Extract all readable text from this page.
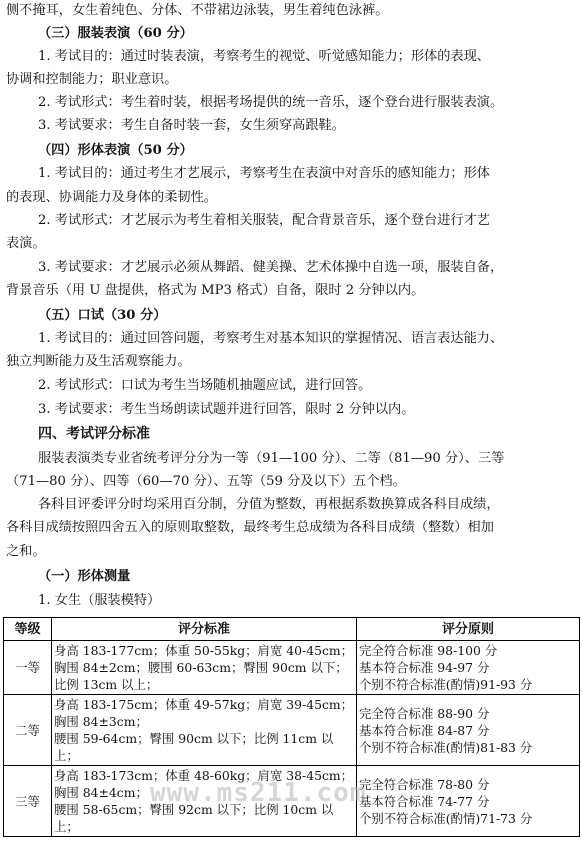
侧不掩耳，女生着纯色、分体、不带裙边泳装，男生着纯色泳裤。
（三）服装表演（60 分）
1. 考试目的：通过时装表演，考察考生的视觉、听觉感知能力；形体的表现、
协调和控制能力；职业意识。
2. 考试形式：考生着时装，根据考场提供的统一音乐，逐个登台进行服装表演。
3. 考试要求：考生自备时装一套，女生须穿高跟鞋。
（四）形体表演（50 分）
1. 考试目的：通过考生才艺展示，考察考生在表演中对音乐的感知能力；形体
的表现、协调能力及身体的柔韧性。
2. 考试形式：才艺展示为考生着相关服装，配合背景音乐，逐个登台进行才艺
表演。
3. 考试要求：才艺展示必须从舞蹈、健美操、艺术体操中自选一项，服装自备，
背景音乐（用 U 盘提供，格式为 MP3 格式）自备，限时 2 分钟以内。
（五）口试（30 分）
1. 考试目的：通过回答问题，考察考生对基本知识的掌握情况、语言表达能力、
独立判断能力及生活观察能力。
2. 考试形式：口试为考生当场随机抽题应试，进行回答。
3. 考试要求：考生当场朗读试题并进行回答，限时 2 分钟以内。
四、考试评分标准
服装表演类专业省统考评分分为一等（91—100 分）、二等（81—90 分）、三等
（71—80 分）、四等（60—70 分）、五等（59 分及以下）五个档。
各科目评委评分时均采用百分制，分值为整数，再根据系数换算成各科目成绩，
各科目成绩按照四舍五入的原则取整数，最终考生总成绩为各科目成绩（整数）相加
之和。
（一）形体测量
1. 女生（服装模特）
等级	评分标准	评分原则
一等	身高 183-177cm；体重 50-55kg；肩宽 40-45cm；
胸围 84±2cm；腰围 60-63cm；臀围 90cm 以下；
比例 13cm 以上；	完全符合标准 98-100 分
基本符合标准 94-97 分
个别不符合标准(酌情)91-93 分

二等	身高 183-175cm；体重 49-57kg；肩宽 39-45cm；
胸围 84±3cm；
腰围 59-64cm；臀围 90cm 以下；比例 11cm 以
上；	完全符合标准 88-90 分
基本符合标准 84-87 分
个别不符合标准(酌情)81-83 分

三等	身高 183-173cm；体重 48-60kg；肩宽 38-45cm；
胸围 84±4cm；
腰围 58-65cm；臀围 92cm 以下；比例 10cm 以
上；	完全符合标准 78-80 分
基本符合标准 74-77 分
个别不符合标准(酌情)71-73 分
www.ms211.com
